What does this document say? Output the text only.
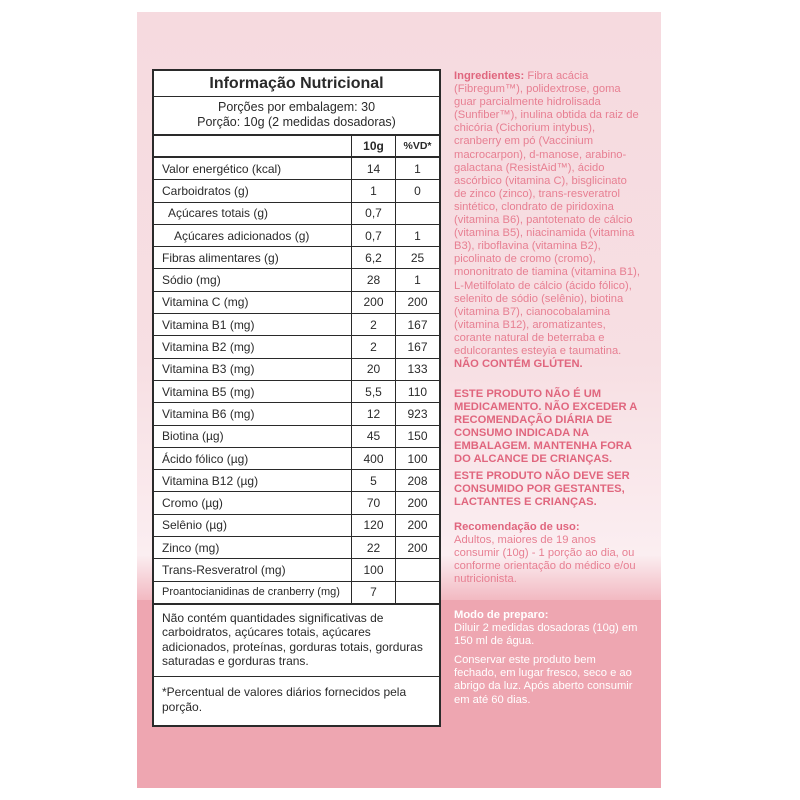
Informação Nutricional
Porções por embalagem: 30
Porção: 10g (2 medidas dosadoras)
	10g	%VD*
Valor energético (kcal)	14	1
Carboidratos (g)	1	0
Açúcares totais (g)	0,7	
Açúcares adicionados (g)	0,7	1
Fibras alimentares (g)	6,2	25
Sódio (mg)	28	1
Vitamina C (mg)	200	200
Vitamina B1 (mg)	2	167
Vitamina B2 (mg)	2	167
Vitamina B3 (mg)	20	133
Vitamina B5 (mg)	5,5	110
Vitamina B6 (mg)	12	923
Biotina (µg)	45	150
Ácido fólico (µg)	400	100
Vitamina B12 (µg)	5	208
Cromo (µg)	70	200
Selênio (µg)	120	200
Zinco (mg)	22	200
Trans-Resveratrol (mg)	100	
Proantocianidinas de cranberry (mg)	7	
Não contém quantidades significativas de carboidratos, açúcares totais, açúcares adicionados, proteínas, gorduras totais, gorduras saturadas e gorduras trans.
*Percentual de valores diários fornecidos pela porção.
Ingredientes: Fibra acácia (Fibregum™), polidextrose, goma guar parcialmente hidrolisada (Sunfiber™), inulina obtida da raiz de chicória (Cichorium intybus), cranberry em pó (Vaccinium macrocarpon), d-manose, arabino-galactana (ResistAid™), ácido ascórbico (vitamina C), bisglicinato de zinco (zinco), trans-resveratrol sintético, clondrato de piridoxina (vitamina B6), pantotenato de cálcio (vitamina B5), niacinamida (vitamina B3), riboflavina (vitamina B2), picolinato de cromo (cromo), mononitrato de tiamina (vitamina B1), L-Metilfolato de cálcio (ácido fólico), selenito de sódio (selênio), biotina (vitamina B7), cianocobalamina (vitamina B12), aromatizantes, corante natural de beterraba e edulcorantes esteyia e taumatina. NÃO CONTÉM GLÚTEN.

ESTE PRODUTO NÃO É UM MEDICAMENTO. NÃO EXCEDER A RECOMENDAÇÃO DIÁRIA DE CONSUMO INDICADA NA EMBALAGEM. MANTENHA FORA DO ALCANCE DE CRIANÇAS.

ESTE PRODUTO NÃO DEVE SER CONSUMIDO POR GESTANTES, LACTANTES E CRIANÇAS.

Recomendação de uso:
Adultos, maiores de 19 anos consumir (10g) - 1 porção ao dia, ou conforme orientação do médico e/ou nutricionista.
Modo de preparo:

Diluir 2 medidas dosadoras (10g) em 150 ml de água.

Conservar este produto bem fechado, em lugar fresco, seco e ao abrigo da luz. Após aberto consumir em até 60 dias.
